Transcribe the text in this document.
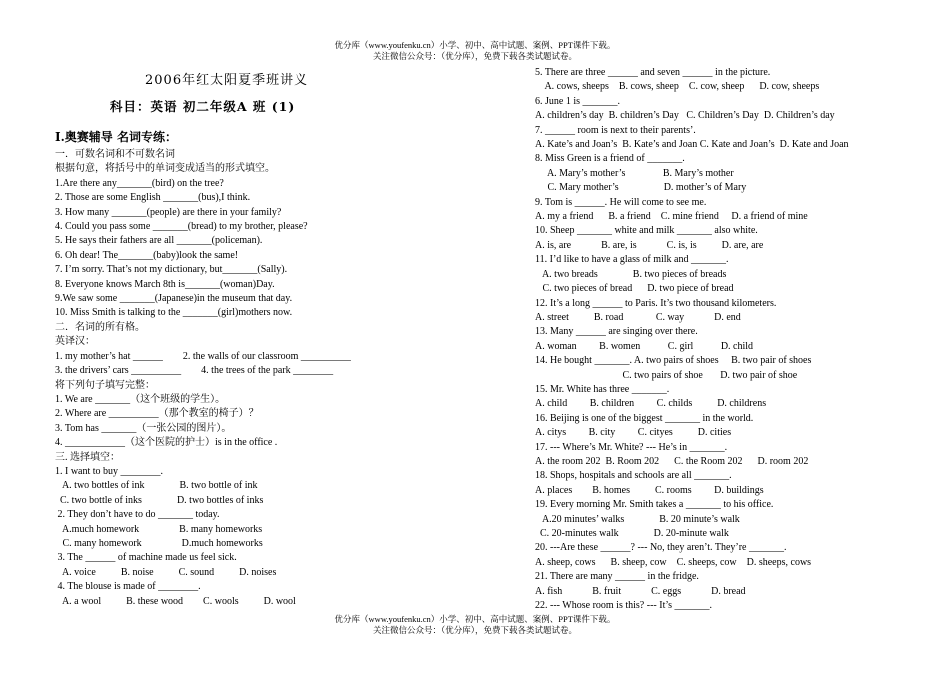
优分库（www.youfenku.cn）小学、初中、高中试题、案例、PPT课件下载。
关注微信公众号：（优分库），免费下载各类试题试卷。
2006年红太阳夏季班讲义
科目：英语 初二年级A 班 (1)
I.奥赛辅导 名词专练：
一．可数名词和不可数名词
根据句意，将括号中的单词变成适当的形式填空。
1.Are there any_______(bird) on the tree?
2. Those are some English _______(bus),I think.
3. How many _______(people) are there in your family?
4. Could you pass some _______(bread) to my brother, please?
5. He says their fathers are all _______(policeman).
6. Oh dear! The_______(baby)look the same!
7. I’m sorry. That’s not my dictionary, but_______(Sally).
8. Everyone knows March 8th is_______(woman)Day.
9.We saw some _______(Japanese)in the museum that day.
10. Miss Smith is talking to the _______(girl)mothers now.
二．名词的所有格。
英译汉：
1. my mother’s hat ______        2. the walls of our classroom __________
3. the drivers’ cars __________        4. the trees of the park ________
将下列句子填写完整：
1. We are _______（这个班级的学生）。
2. Where are __________（那个教室的椅子）？
3. Tom has _______（一张公园的图片）。
4. ____________（这个医院的护士）is in the office .
三. 选择填空：
1. I want to buy ________.
A. two bottles of ink              B. two bottle of ink
C. two bottle of inks              D. two bottles of inks
2. They don’t have to do _______ today.
A.much homework                B. many homeworks
C. many homework                D.much homeworks
3. The ______ of machine made us feel sick.
A. voice          B. noise          C. sound          D. noises
4. The blouse is made of ________.
A. a wool          B. these wood        C. wools          D. wool
5. There are three ______ and seven ______ in the picture.
A. cows, sheeps    B. cows, sheep    C. cow, sheep      D. cow, sheeps
6. June 1 is _______.
A. children’s day  B. children’s Day   C. Children’s Day  D. Children’s day
7. ______ room is next to their parents’.
A. Kate’s and Joan’s  B. Kate’s and Joan C. Kate and Joan’s  D. Kate and Joan
8. Miss Green is a friend of _______.
A. Mary’s mother’s               B. Mary’s mother
C. Mary mother’s                  D. mother’s of Mary
9. Tom is ______. He will come to see me.
A. my a friend      B. a friend    C. mine friend     D. a friend of mine
10. Sheep _______ white and milk _______ also white.
A. is, are            B. are, is            C. is, is          D. are, are
11. I’d like to have a glass of milk and _______.
A. two breads              B. two pieces of breads
C. two pieces of bread      D. two piece of bread
12. It’s a long ______ to Paris. It’s two thousand kilometers.
A. street          B. road             C. way            D. end
13. Many ______ are singing over there.
A. woman         B. women           C. girl           D. child
14. He bought _______. A. two pairs of shoes     B. two pair of shoes
C. two pairs of shoe       D. two pair of shoe
15. Mr. White has three _______.
A. child         B. children         C. childs          D. childrens
16. Beijing is one of the biggest _______ in the world.
A. citys         B. city         C. cityes          D. cities
17. --- Where’s Mr. White? --- He’s in _______.
A. the room 202  B. Room 202      C. the Room 202      D. room 202
18. Shops, hospitals and schools are all _______.
A. places        B. homes          C. rooms         D. buildings
19. Every morning Mr. Smith takes a _______ to his office.
A.20 minutes’ walks              B. 20 minute’s walk
C. 20-minutes walk              D. 20-minute walk
20. ---Are these ______? --- No, they aren’t. They’re _______.
A. sheep, cows      B. sheep, cow    C. sheeps, cow    D. sheeps, cows
21. There are many ______ in the fridge.
A. fish            B. fruit            C. eggs            D. bread
22. --- Whose room is this? --- It’s _______.
优分库（www.youfenku.cn）小学、初中、高中试题、案例、PPT课件下载。
关注微信公众号：（优分库），免费下载各类试题试卷。
